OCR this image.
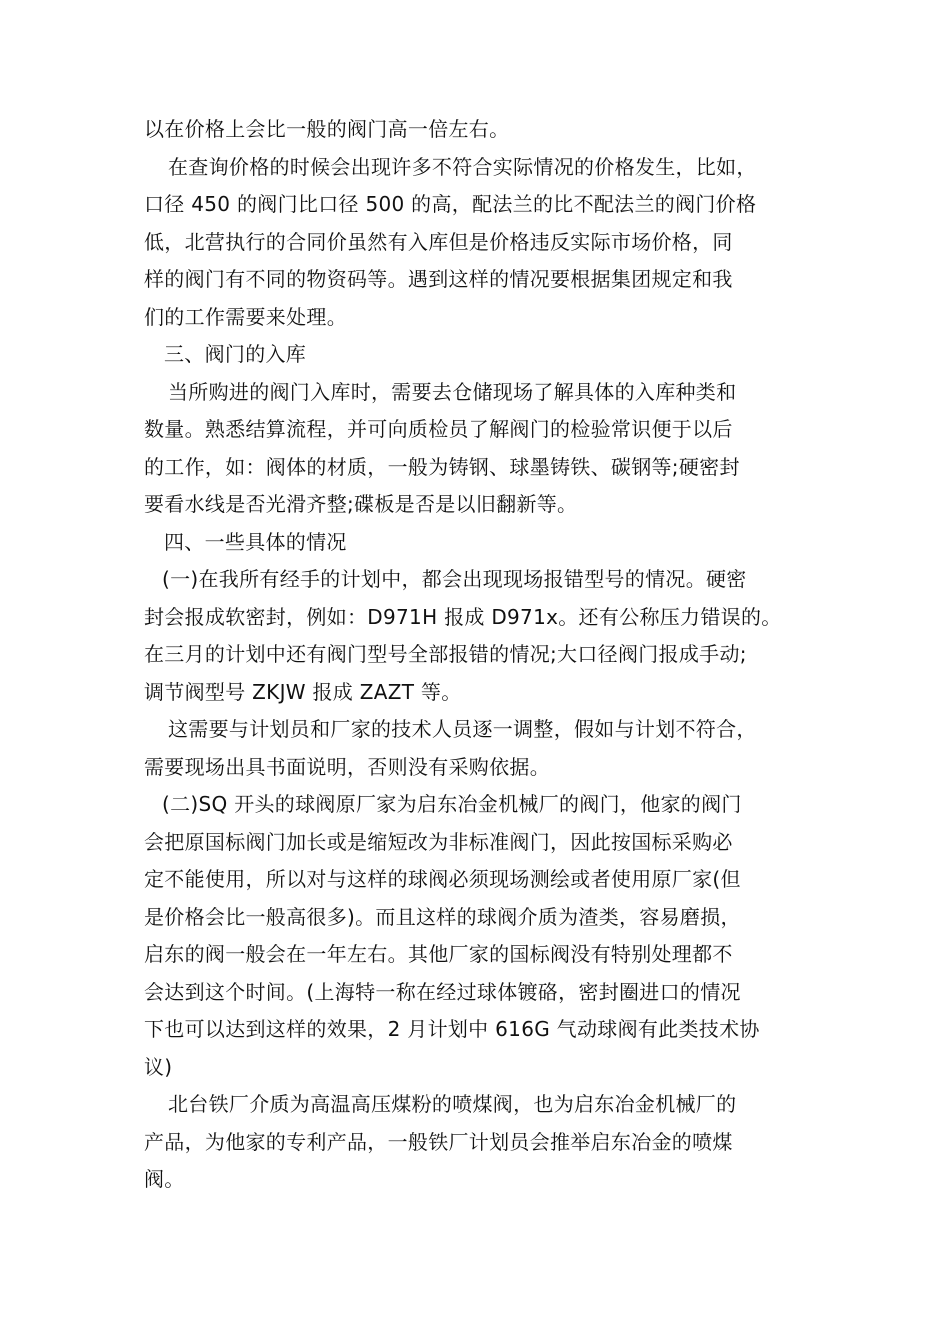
以在价格上会比一般的阀门高一倍左右。
在查询价格的时候会出现许多不符合实际情况的价格发生，比如，
口径 450 的阀门比口径 500 的高，配法兰的比不配法兰的阀门价格
低，北营执行的合同价虽然有入库但是价格违反实际市场价格，同
样的阀门有不同的物资码等。遇到这样的情况要根据集团规定和我
们的工作需要来处理。
三、阀门的入库
当所购进的阀门入库时，需要去仓储现场了解具体的入库种类和
数量。熟悉结算流程，并可向质检员了解阀门的检验常识便于以后
的工作，如：阀体的材质，一般为铸钢、球墨铸铁、碳钢等;硬密封
要看水线是否光滑齐整;碟板是否是以旧翻新等。
四、一些具体的情况
(一)在我所有经手的计划中，都会出现现场报错型号的情况。硬密
封会报成软密封，例如：D971H 报成 D971x。还有公称压力错误的。
在三月的计划中还有阀门型号全部报错的情况;大口径阀门报成手动;
调节阀型号 ZKJW 报成 ZAZT 等。
这需要与计划员和厂家的技术人员逐一调整，假如与计划不符合，
需要现场出具书面说明，否则没有采购依据。
(二)SQ 开头的球阀原厂家为启东冶金机械厂的阀门，他家的阀门
会把原国标阀门加长或是缩短改为非标准阀门，因此按国标采购必
定不能使用，所以对与这样的球阀必须现场测绘或者使用原厂家(但
是价格会比一般高很多)。而且这样的球阀介质为渣类，容易磨损，
启东的阀一般会在一年左右。其他厂家的国标阀没有特别处理都不
会达到这个时间。(上海特一称在经过球体镀硌，密封圈进口的情况
下也可以达到这样的效果，2 月计划中 616G 气动球阀有此类技术协
议)
北台铁厂介质为高温高压煤粉的喷煤阀，也为启东冶金机械厂的
产品，为他家的专利产品，一般铁厂计划员会推举启东冶金的喷煤
阀。
